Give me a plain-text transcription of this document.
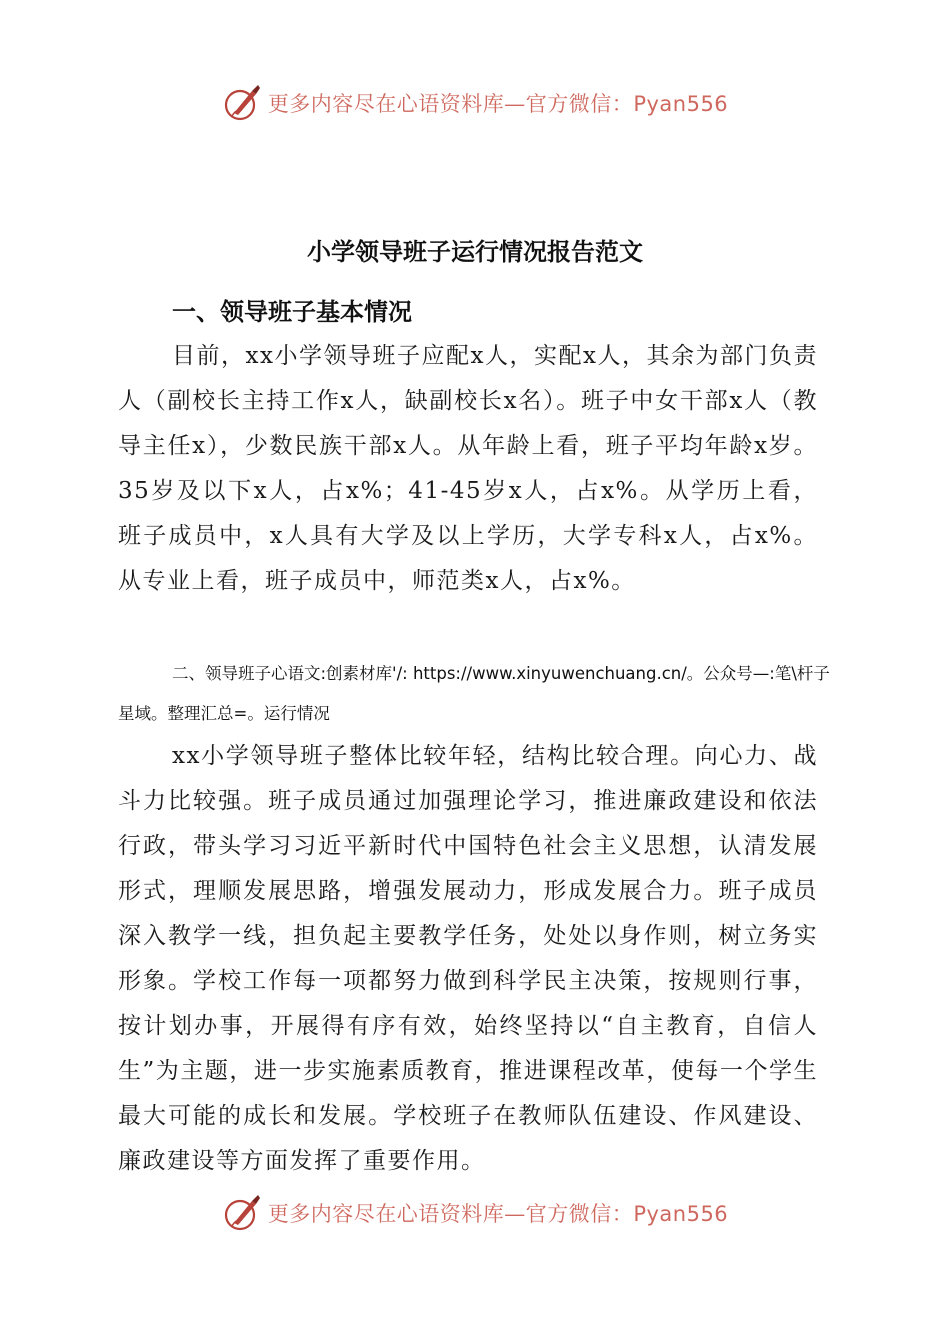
更多内容尽在心语资料库—官方微信：Pyan556
小学领导班子运行情况报告范文
一、领导班子基本情况

目前，xx小学领导班子应配x人，实配x人，其余为部门负责人（副校长主持工作x人，缺副校长x名）。班子中女干部x人（教导主任x），少数民族干部x人。从年龄上看，班子平均年龄x岁。35岁及以下x人，占x%；41-45岁x人，占x%。从学历上看，班子成员中，x人具有大学及以上学历，大学专科x人，占x%。从专业上看，班子成员中，师范类x人，占x%。

二、领导班子心语文:创素材库'/: https://www.xinyuwenchuang.cn/。公众号—:笔\杆子星域。整理汇总=。运行情况

xx小学领导班子整体比较年轻，结构比较合理。向心力、战斗力比较强。班子成员通过加强理论学习，推进廉政建设和依法行政，带头学习习近平新时代中国特色社会主义思想，认清发展形式，理顺发展思路，增强发展动力，形成发展合力。班子成员深入教学一线，担负起主要教学任务，处处以身作则，树立务实形象。学校工作每一项都努力做到科学民主决策，按规则行事，按计划办事，开展得有序有效，始终坚持以“自主教育，自信人生”为主题，进一步实施素质教育，推进课程改革，使每一个学生最大可能的成长和发展。学校班子在教师队伍建设、作风建设、廉政建设等方面发挥了重要作用。

更多内容尽在心语资料库—官方微信：Pyan556
